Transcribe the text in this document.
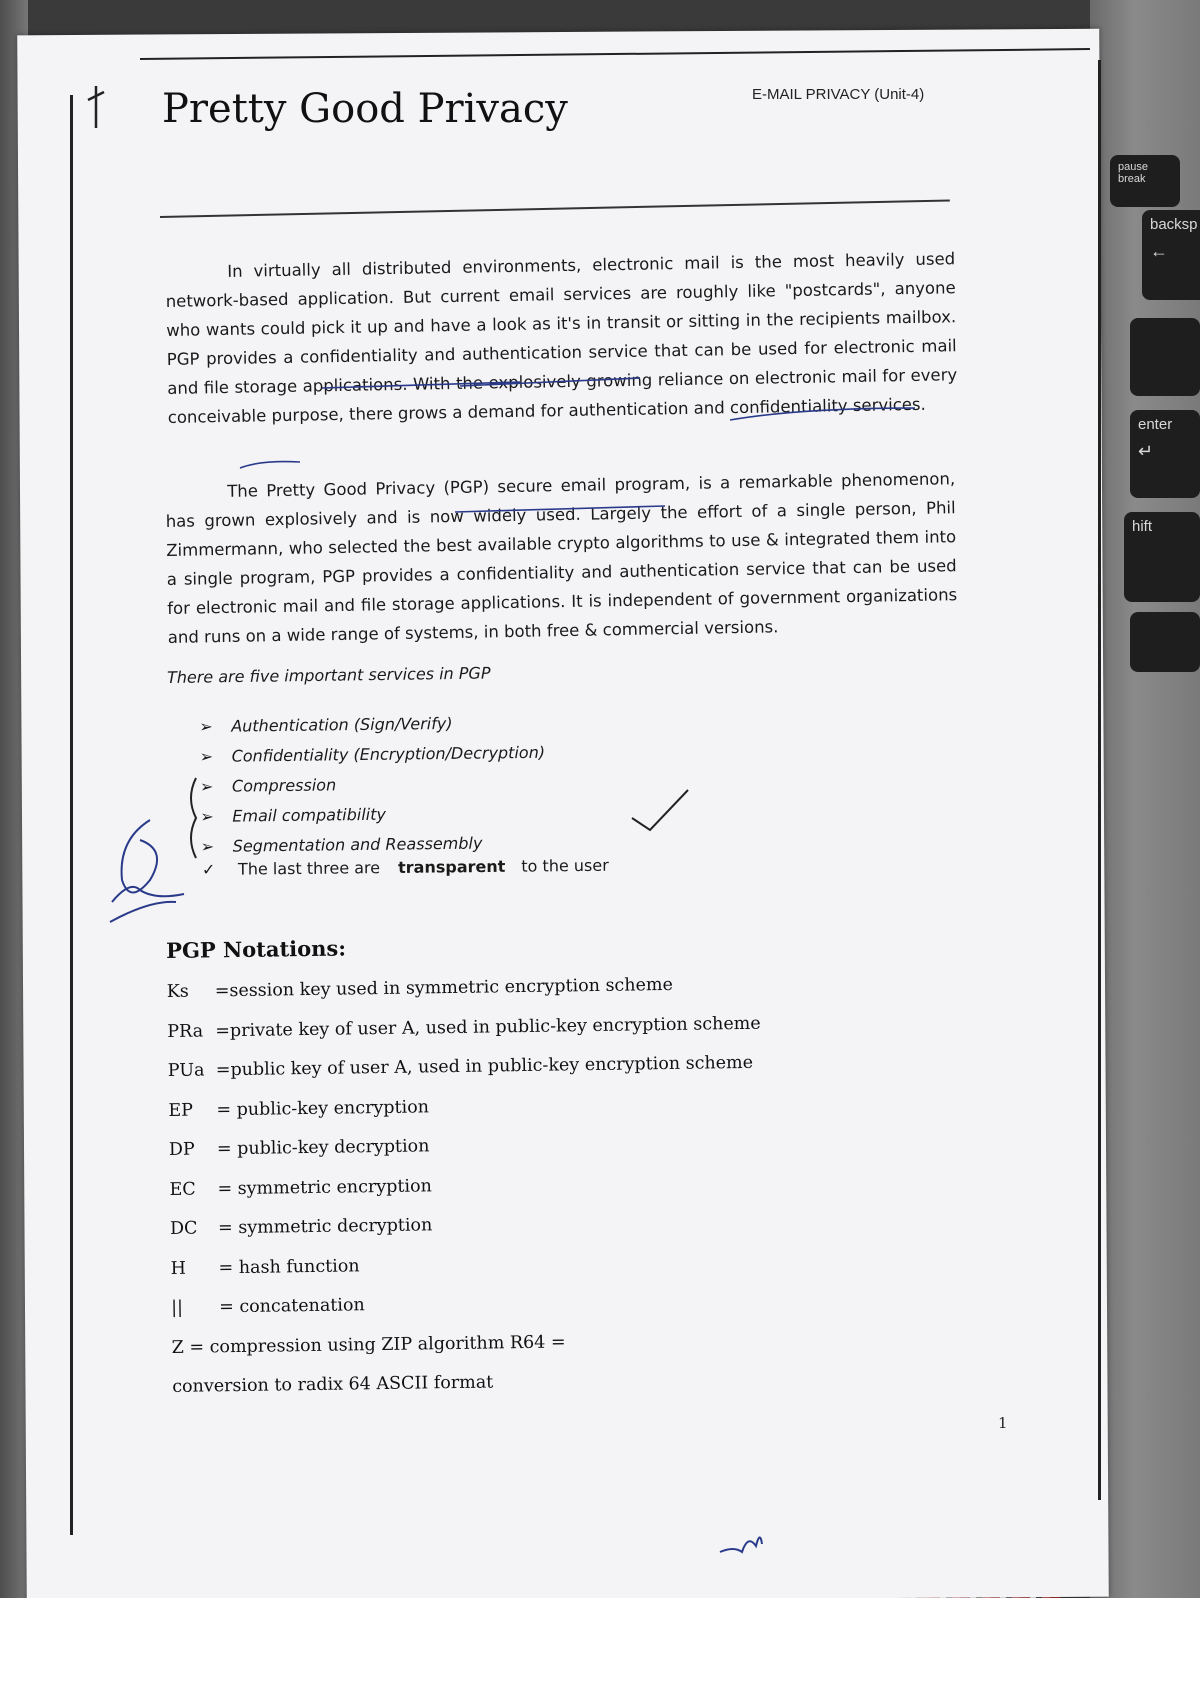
pause
break
backsp
←
enter
↵
hift
Pretty Good Privacy	E-MAIL PRIVACY (Unit-4)

In virtually all distributed environments, electronic mail is the most heavily used network-based application. But current email services are roughly like "postcards", anyone who wants could pick it up and have a look as it's in transit or sitting in the recipients mailbox. PGP provides a confidentiality and authentication service that can be used for electronic mail and file storage applications. With the explosively growing reliance on electronic mail for every conceivable purpose, there grows a demand for authentication and confidentiality services.

The Pretty Good Privacy (PGP) secure email program, is a remarkable phenomenon, has grown explosively and is now widely used. Largely the effort of a single person, Phil Zimmermann, who selected the best available crypto algorithms to use & integrated them into a single program, PGP provides a confidentiality and authentication service that can be used for electronic mail and file storage applications. It is independent of government organizations and runs on a wide range of systems, in both free & commercial versions.

There are five important services in PGP

➢ Authentication (Sign/Verify)
➢ Confidentiality (Encryption/Decryption)
➢ Compression
➢ Email compatibility
➢ Segmentation and Reassembly
✓ The last three are transparent to the user
PGP Notations:
Ks =session key used in symmetric encryption scheme
PRa =private key of user A, used in public-key encryption scheme
PUa =public key of user A, used in public-key encryption scheme
EP = public-key encryption
DP = public-key decryption
EC = symmetric encryption
DC = symmetric decryption
H = hash function
|| = concatenation
Z = compression using ZIP algorithm R64 =
conversion to radix 64 ASCII format
1
